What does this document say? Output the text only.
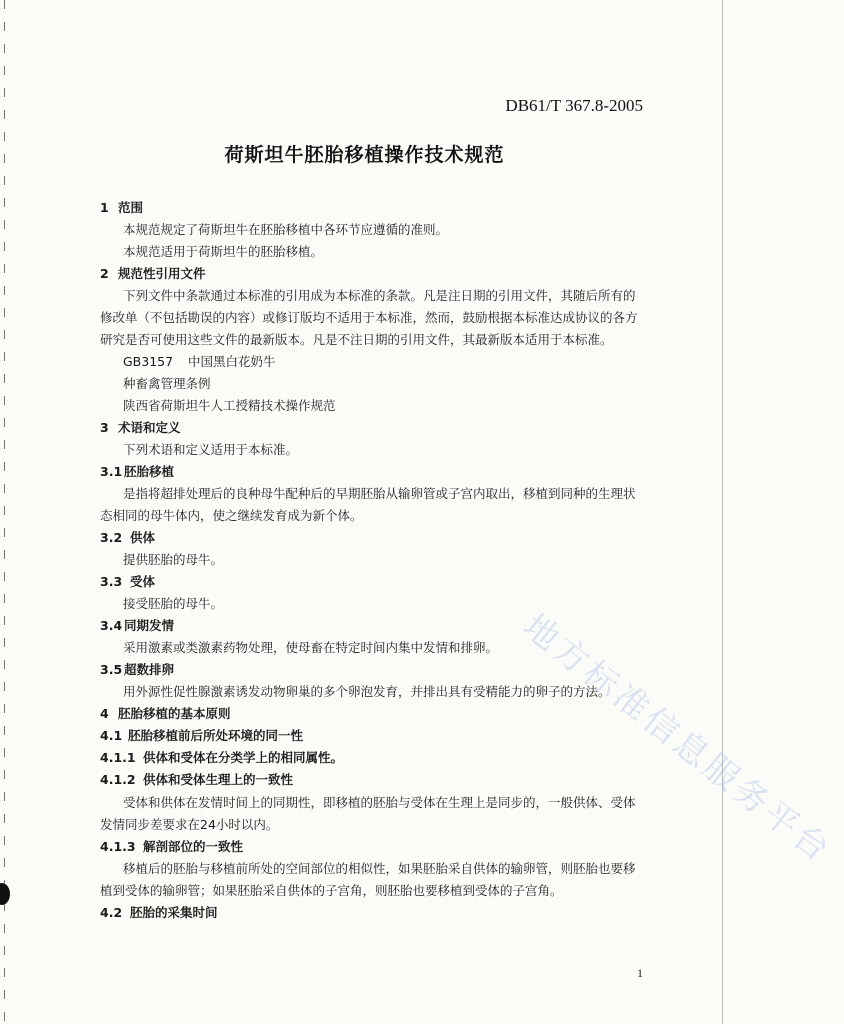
DB61/T 367.8-2005
荷斯坦牛胚胎移植操作技术规范
1 范围
本规范规定了荷斯坦牛在胚胎移植中各环节应遵循的准则。
本规范适用于荷斯坦牛的胚胎移植。
2 规范性引用文件
下列文件中条款通过本标准的引用成为本标准的条款。凡是注日期的引用文件，其随后所有的
修改单（不包括勘误的内容）或修订版均不适用于本标准，然而，鼓励根据本标准达成协议的各方
研究是否可使用这些文件的最新版本。凡是不注日期的引用文件，其最新版本适用于本标准。
GB3157 中国黑白花奶牛
种畜禽管理条例
陕西省荷斯坦牛人工授精技术操作规范
3 术语和定义
下列术语和定义适用于本标准。
3.1 胚胎移植
是指将超排处理后的良种母牛配种后的早期胚胎从输卵管或子宫内取出，移植到同种的生理状
态相同的母牛体内，使之继续发育成为新个体。
3.2 供体
提供胚胎的母牛。
3.3 受体
接受胚胎的母牛。
3.4 同期发情
采用激素或类激素药物处理，使母畜在特定时间内集中发情和排卵。
3.5 超数排卵
用外源性促性腺激素诱发动物卵巢的多个卵泡发育，并排出具有受精能力的卵子的方法。
4 胚胎移植的基本原则
4.1 胚胎移植前后所处环境的同一性
4.1.1 供体和受体在分类学上的相同属性。
4.1.2 供体和受体生理上的一致性
受体和供体在发情时间上的同期性，即移植的胚胎与受体在生理上是同步的，一般供体、受体
发情同步差要求在24小时以内。
4.1.3 解剖部位的一致性
移植后的胚胎与移植前所处的空间部位的相似性，如果胚胎采自供体的输卵管，则胚胎也要移
植到受体的输卵管；如果胚胎采自供体的子宫角，则胚胎也要移植到受体的子宫角。
4.2 胚胎的采集时间
地方标准信息服务平台
1
